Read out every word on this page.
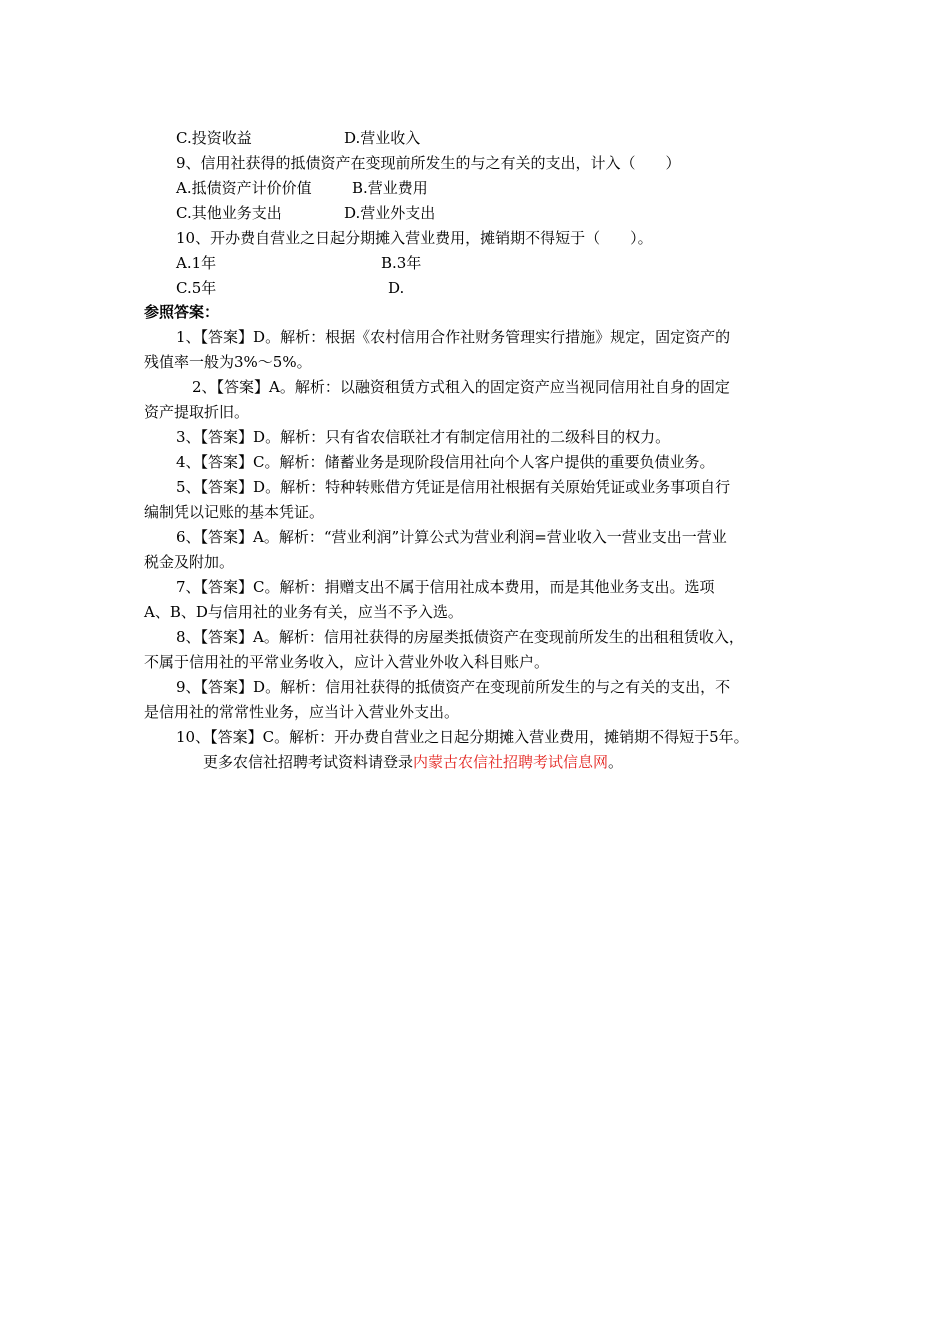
C.投资收益	D.营业收入
9、信用社获得的抵债资产在变现前所发生的与之有关的支出，计入（　　）
A.抵债资产计价价值	B.营业费用
C.其他业务支出	D.营业外支出
10、开办费自营业之日起分期摊入营业费用，摊销期不得短于（　　）。
A.1年	B.3年
C.5年	D.
参照答案：
1、【答案】D。解析：根据《农村信用合作社财务管理实行措施》规定，固定资产的
残值率一般为3%～5%。
2、【答案】A。解析：以融资租赁方式租入的固定资产应当视同信用社自身的固定
资产提取折旧。
3、【答案】D。解析：只有省农信联社才有制定信用社的二级科目的权力。
4、【答案】C。解析：储蓄业务是现阶段信用社向个人客户提供的重要负债业务。
5、【答案】D。解析：特种转账借方凭证是信用社根据有关原始凭证或业务事项自行
编制凭以记账的基本凭证。
6、【答案】A。解析：“营业利润”计算公式为营业利润=营业收入一营业支出一营业
税金及附加。
7、【答案】C。解析：捐赠支出不属于信用社成本费用，而是其他业务支出。选项
A、B、D与信用社的业务有关，应当不予入选。
8、【答案】A。解析：信用社获得的房屋类抵债资产在变现前所发生的出租租赁收入，
不属于信用社的平常业务收入，应计入营业外收入科目账户。
9、【答案】D。解析：信用社获得的抵债资产在变现前所发生的与之有关的支出，不
是信用社的常常性业务，应当计入营业外支出。
10、【答案】C。解析：开办费自营业之日起分期摊入营业费用，摊销期不得短于5年。
更多农信社招聘考试资料请登录内蒙古农信社招聘考试信息网。
